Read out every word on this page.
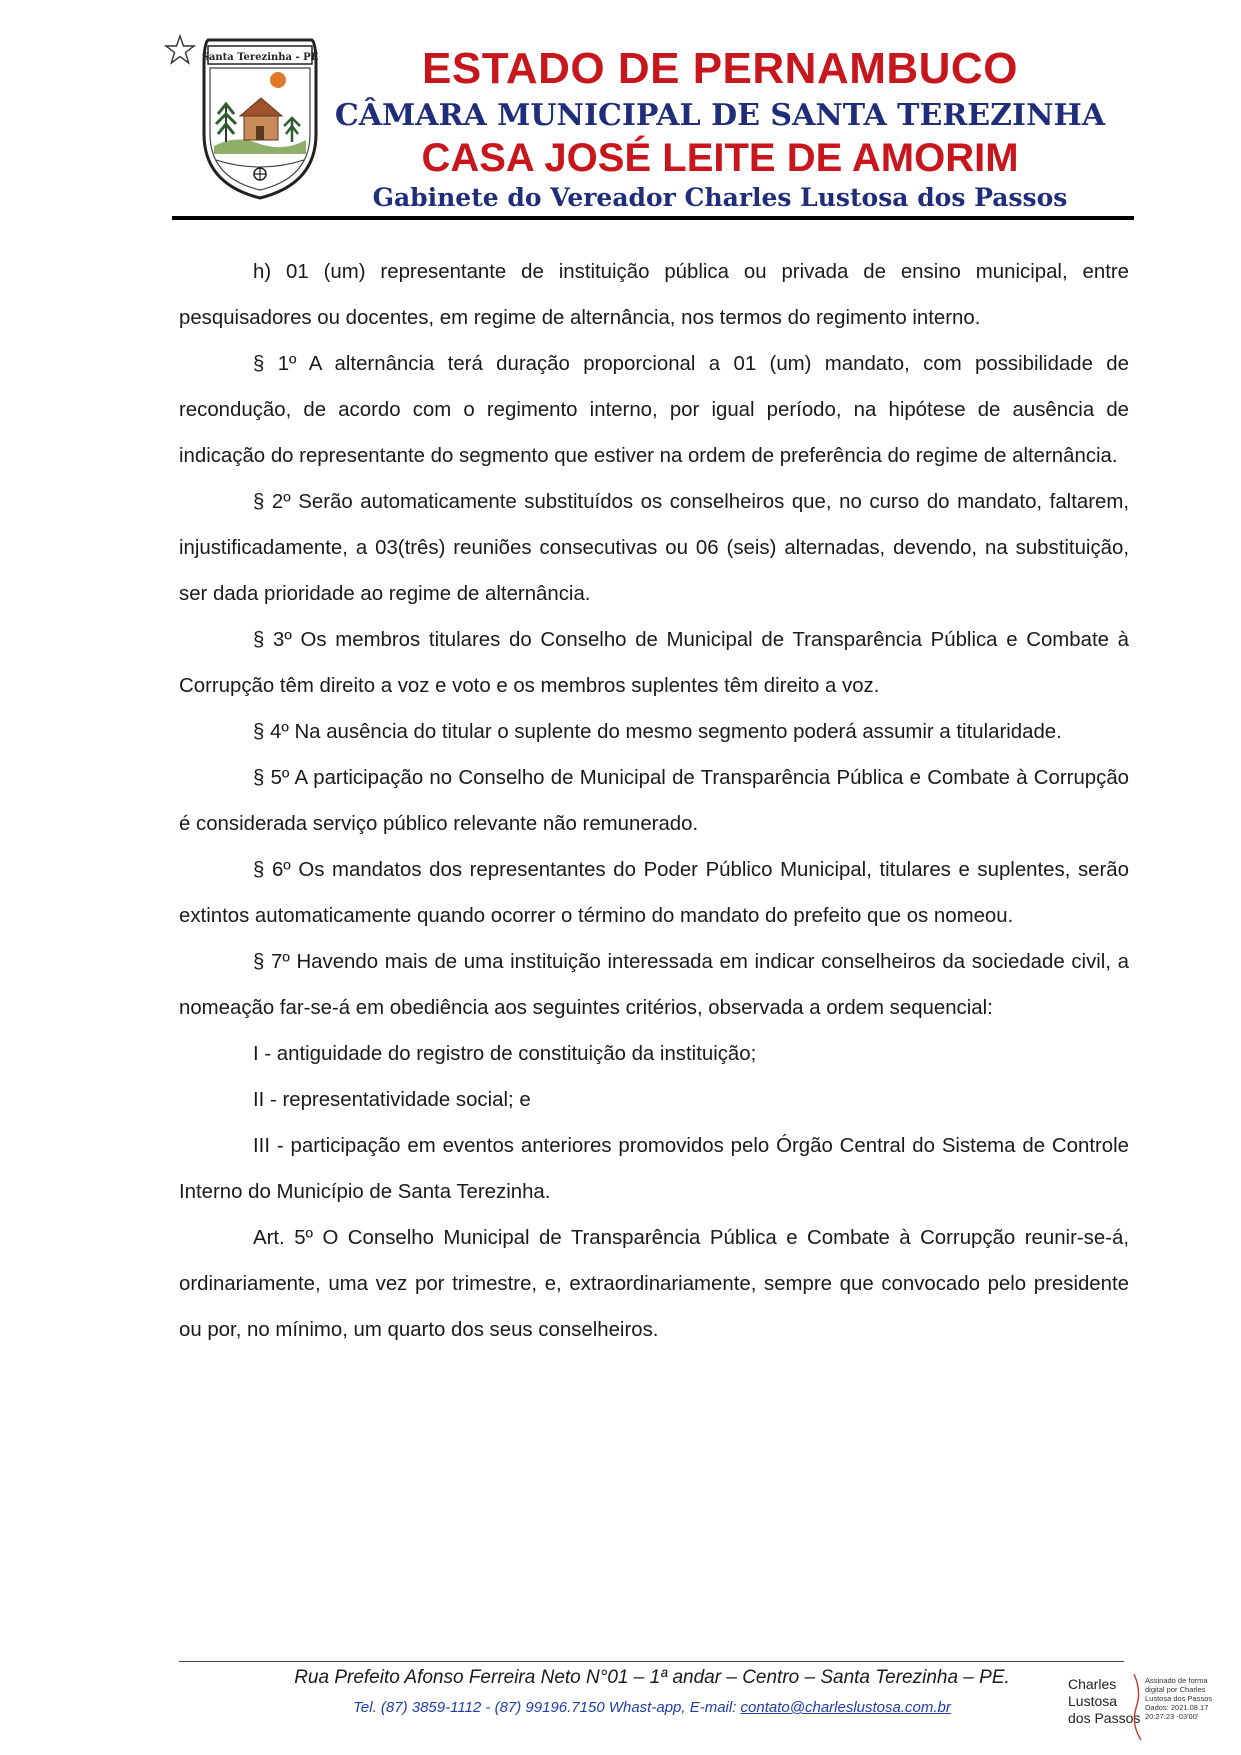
Santa Terezinha - PE	ESTADO DE PERNAMBUCO
CÂMARA MUNICIPAL DE SANTA TEREZINHA
CASA JOSÉ LEITE DE AMORIM
Gabinete do Vereador Charles Lustosa dos Passos

h) 01 (um) representante de instituição pública ou privada de ensino municipal, entre pesquisadores ou docentes, em regime de alternância, nos termos do regimento interno.

§ 1º A alternância terá duração proporcional a 01 (um) mandato, com possibilidade de recondução, de acordo com o regimento interno, por igual período, na hipótese de ausência de indicação do representante do segmento que estiver na ordem de preferência do regime de alternância.

§ 2º Serão automaticamente substituídos os conselheiros que, no curso do mandato, faltarem, injustificadamente, a 03(três) reuniões consecutivas ou 06 (seis) alternadas, devendo, na substituição, ser dada prioridade ao regime de alternância.

§ 3º Os membros titulares do Conselho de Municipal de Transparência Pública e Combate à Corrupção têm direito a voz e voto e os membros suplentes têm direito a voz.

§ 4º Na ausência do titular o suplente do mesmo segmento poderá assumir a titularidade.

§ 5º A participação no Conselho de Municipal de Transparência Pública e Combate à Corrupção é considerada serviço público relevante não remunerado.

§ 6º Os mandatos dos representantes do Poder Público Municipal, titulares e suplentes, serão extintos automaticamente quando ocorrer o término do mandato do prefeito que os nomeou.

§ 7º Havendo mais de uma instituição interessada em indicar conselheiros da sociedade civil, a nomeação far-se-á em obediência aos seguintes critérios, observada a ordem sequencial:

I - antiguidade do registro de constituição da instituição;

II - representatividade social; e

III - participação em eventos anteriores promovidos pelo Órgão Central do Sistema de Controle Interno do Município de Santa Terezinha.

Art. 5º O Conselho Municipal de Transparência Pública e Combate à Corrupção reunir-se-á, ordinariamente, uma vez por trimestre, e, extraordinariamente, sempre que convocado pelo presidente ou por, no mínimo, um quarto dos seus conselheiros.

Rua Prefeito Afonso Ferreira Neto N°01 – 1ª andar – Centro – Santa Terezinha – PE.
Tel. (87) 3859-1112 - (87) 99196.7150 Whast-app, E-mail: contato@charleslustosa.com.br
Charles
Lustosa
dos Passos
Assinado de forma
digital por Charles
Lustosa dos Passos
Dados: 2021.08.17
20:27:23 -03'00'
